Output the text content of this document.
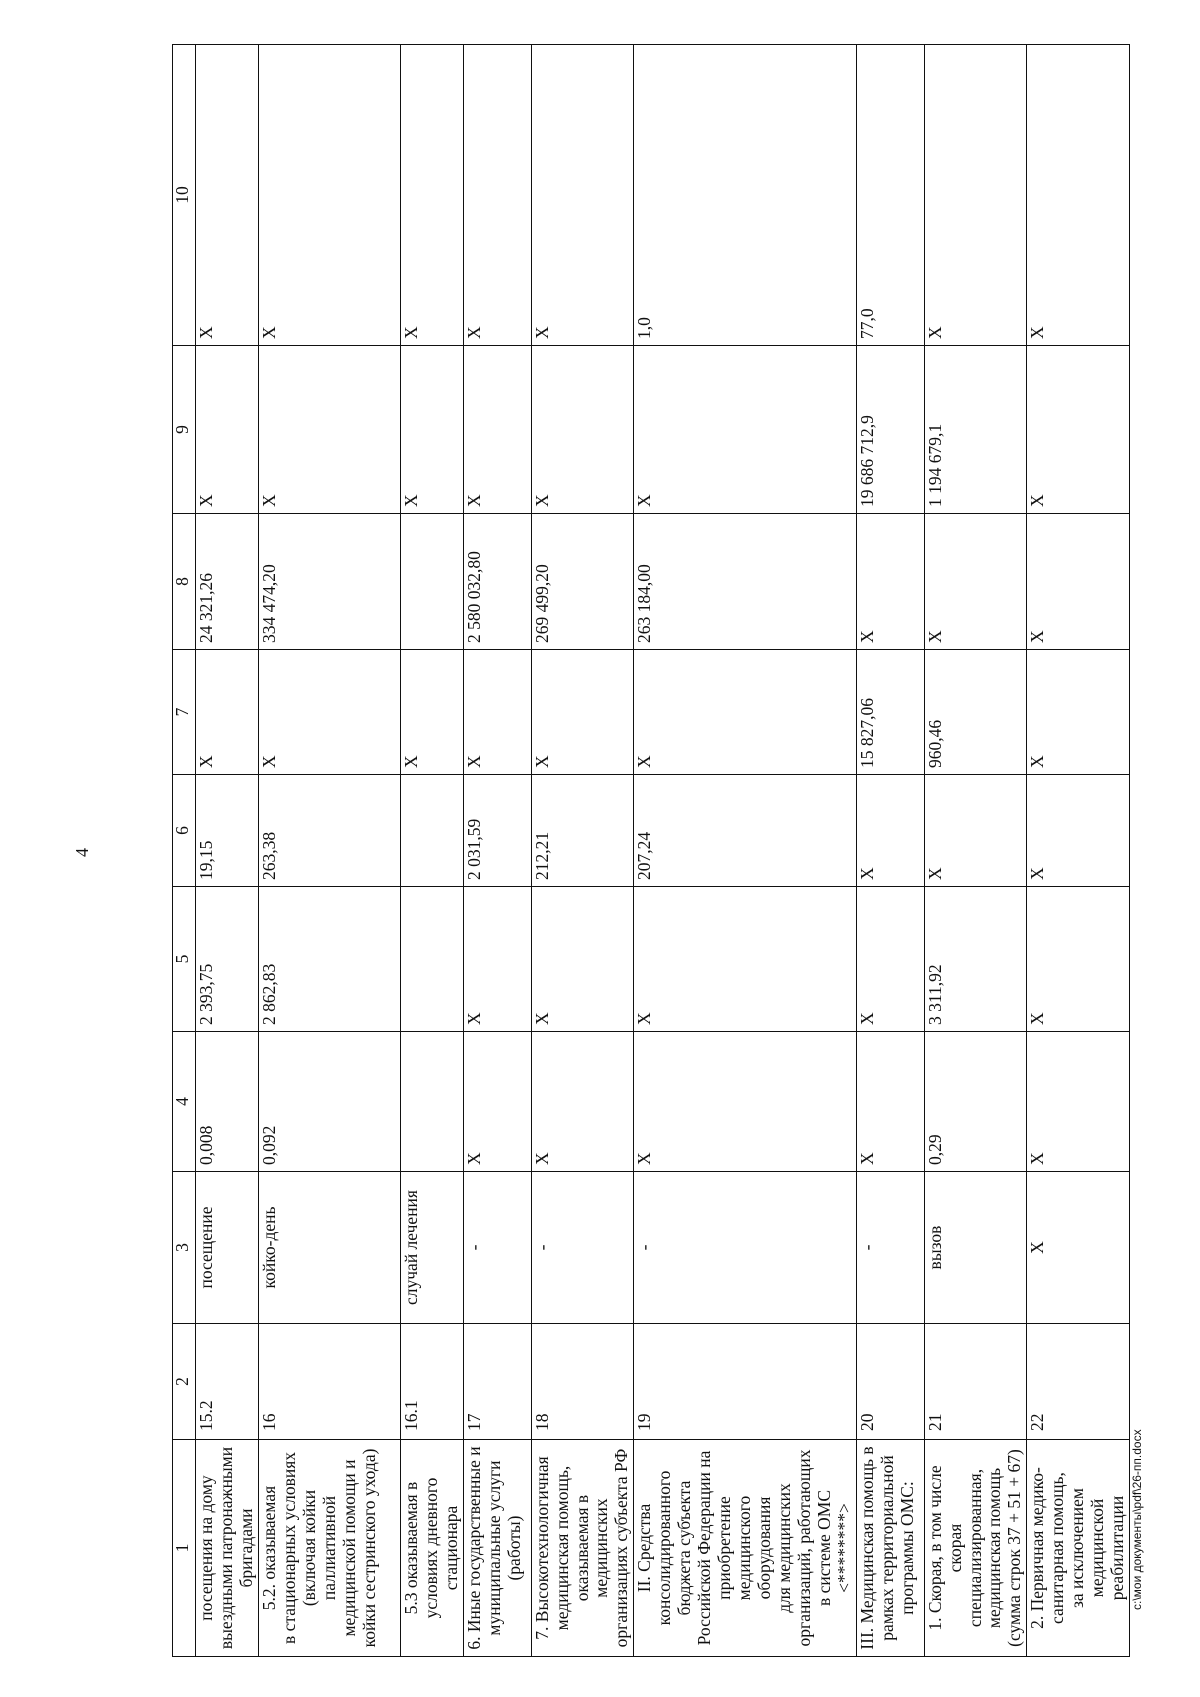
4
1	2	3	4	5	6	7	8	9	10
посещения на дому выездными патронажными бригадами	15.2	посещение	0,008	2 393,75	19,15	Х	24 321,26	Х	Х
5.2. оказываемая
в стационарных условиях
(включая койки паллиативной медицинской помощи и койки сестринского ухода)	16	койко-день	0,092	2 862,83	263,38	Х	334 474,20	Х	Х
5.3 оказываемая в условиях дневного стационара	16.1	случай лечения				Х		Х	Х
6. Иные государственные и муниципальные услуги (работы)	17	-	Х	Х	2 031,59	Х	2 580 032,80	Х	Х
7. Высокотехнологичная медицинская помощь, оказываемая в медицинских организациях субъекта РФ	18	-	Х	Х	212,21	Х	269 499,20	Х	Х
II. Средства консолидированного бюджета субъекта Российской Федерации на приобретение медицинского оборудования
для медицинских организаций, работающих в системе ОМС <********>	19	-	Х	Х	207,24	Х	263 184,00	Х	1,0
III. Медицинская помощь в рамках территориальной программы ОМС:	20	-	Х	Х	Х	15 827,06	Х	19 686 712,9	77,0
1. Скорая, в том числе скорая специализированная, медицинская помощь (сумма строк 37 + 51 + 67)	21	вызов	0,29	3 311,92	Х	960,46	Х	1 194 679,1	Х
2. Первичная медико-санитарная помощь,
за исключением медицинской реабилитации	22	Х	Х	Х	Х	Х	Х	Х	Х
c:\мои документы\pdf\26-пп.docx
